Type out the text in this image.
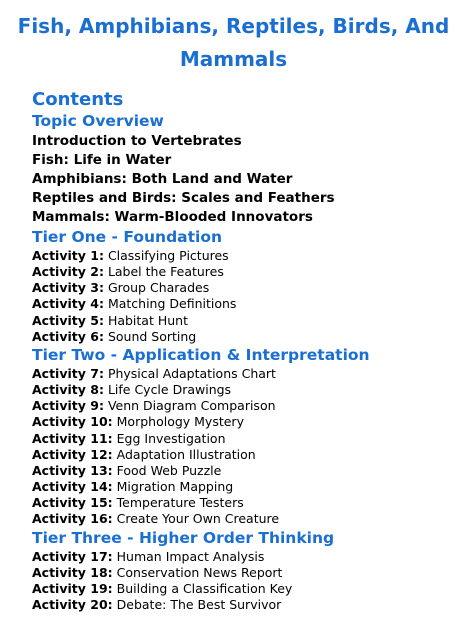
Fish, Amphibians, Reptiles, Birds, And
Mammals
Contents
Topic Overview
Introduction to Vertebrates
Fish: Life in Water
Amphibians: Both Land and Water
Reptiles and Birds: Scales and Feathers
Mammals: Warm-Blooded Innovators
Tier One - Foundation
Activity 1: Classifying Pictures
Activity 2: Label the Features
Activity 3: Group Charades
Activity 4: Matching Definitions
Activity 5: Habitat Hunt
Activity 6: Sound Sorting
Tier Two - Application & Interpretation
Activity 7: Physical Adaptations Chart
Activity 8: Life Cycle Drawings
Activity 9: Venn Diagram Comparison
Activity 10: Morphology Mystery
Activity 11: Egg Investigation
Activity 12: Adaptation Illustration
Activity 13: Food Web Puzzle
Activity 14: Migration Mapping
Activity 15: Temperature Testers
Activity 16: Create Your Own Creature
Tier Three - Higher Order Thinking
Activity 17: Human Impact Analysis
Activity 18: Conservation News Report
Activity 19: Building a Classification Key
Activity 20: Debate: The Best Survivor
